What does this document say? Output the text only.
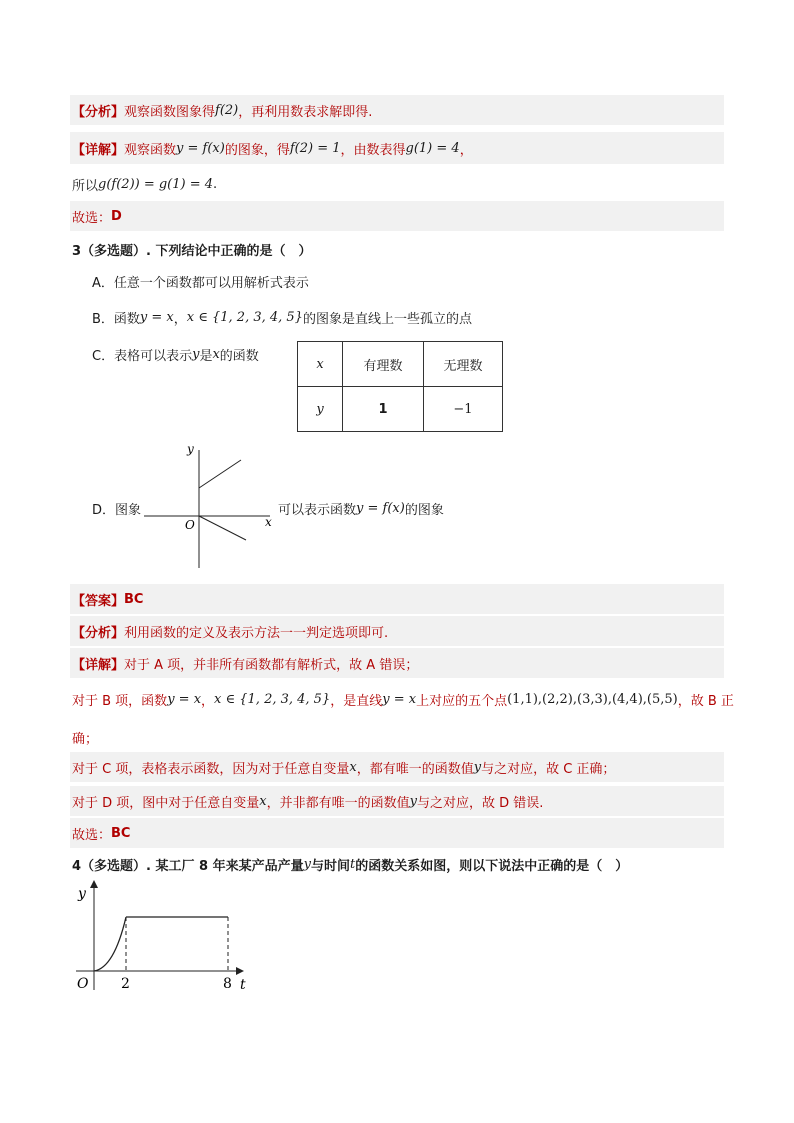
【分析】 观察函数图象得 f(2) ，再利用数表求解即得.
【详解】 观察函数 y = f(x) 的图象，得 f(2) = 1 ，由数表得 g(1) = 4 ，
所以 g(f(2)) = g(1) = 4 .
故选： D
3（多选题）. 下列结论中正确的是（　）
A．任意一个函数都可以用解析式表示
B．函数 y = x ， x ∈ {1, 2, 3, 4, 5} 的图象是直线上一些孤立的点
C．表格可以表示 y 是 x 的函数
x	有理数	无理数
y	1	−1
y
O	x
D．图象	可以表示函数 y = f(x) 的图象
【答案】 BC
【分析】 利用函数的定义及表示方法一一判定选项即可.
【详解】 对于 A 项，并非所有函数都有解析式，故 A 错误；
对于 B 项，函数 y = x ， x ∈ {1, 2, 3, 4, 5} ，是直线 y = x 上对应的五个点 (1,1),(2,2),(3,3),(4,4),(5,5) ，故 B 正
确；
对于 C 项，表格表示函数，因为对于任意自变量 x ，都有唯一的函数值 y 与之对应，故 C 正确；
对于 D 项，图中对于任意自变量 x ，并非都有唯一的函数值 y 与之对应，故 D 错误.
故选： BC
4（多选题）. 某工厂 8 年来某产品产量 y 与时间 t 的函数关系如图，则以下说法中正确的是（　）
y
O 2	8 t
